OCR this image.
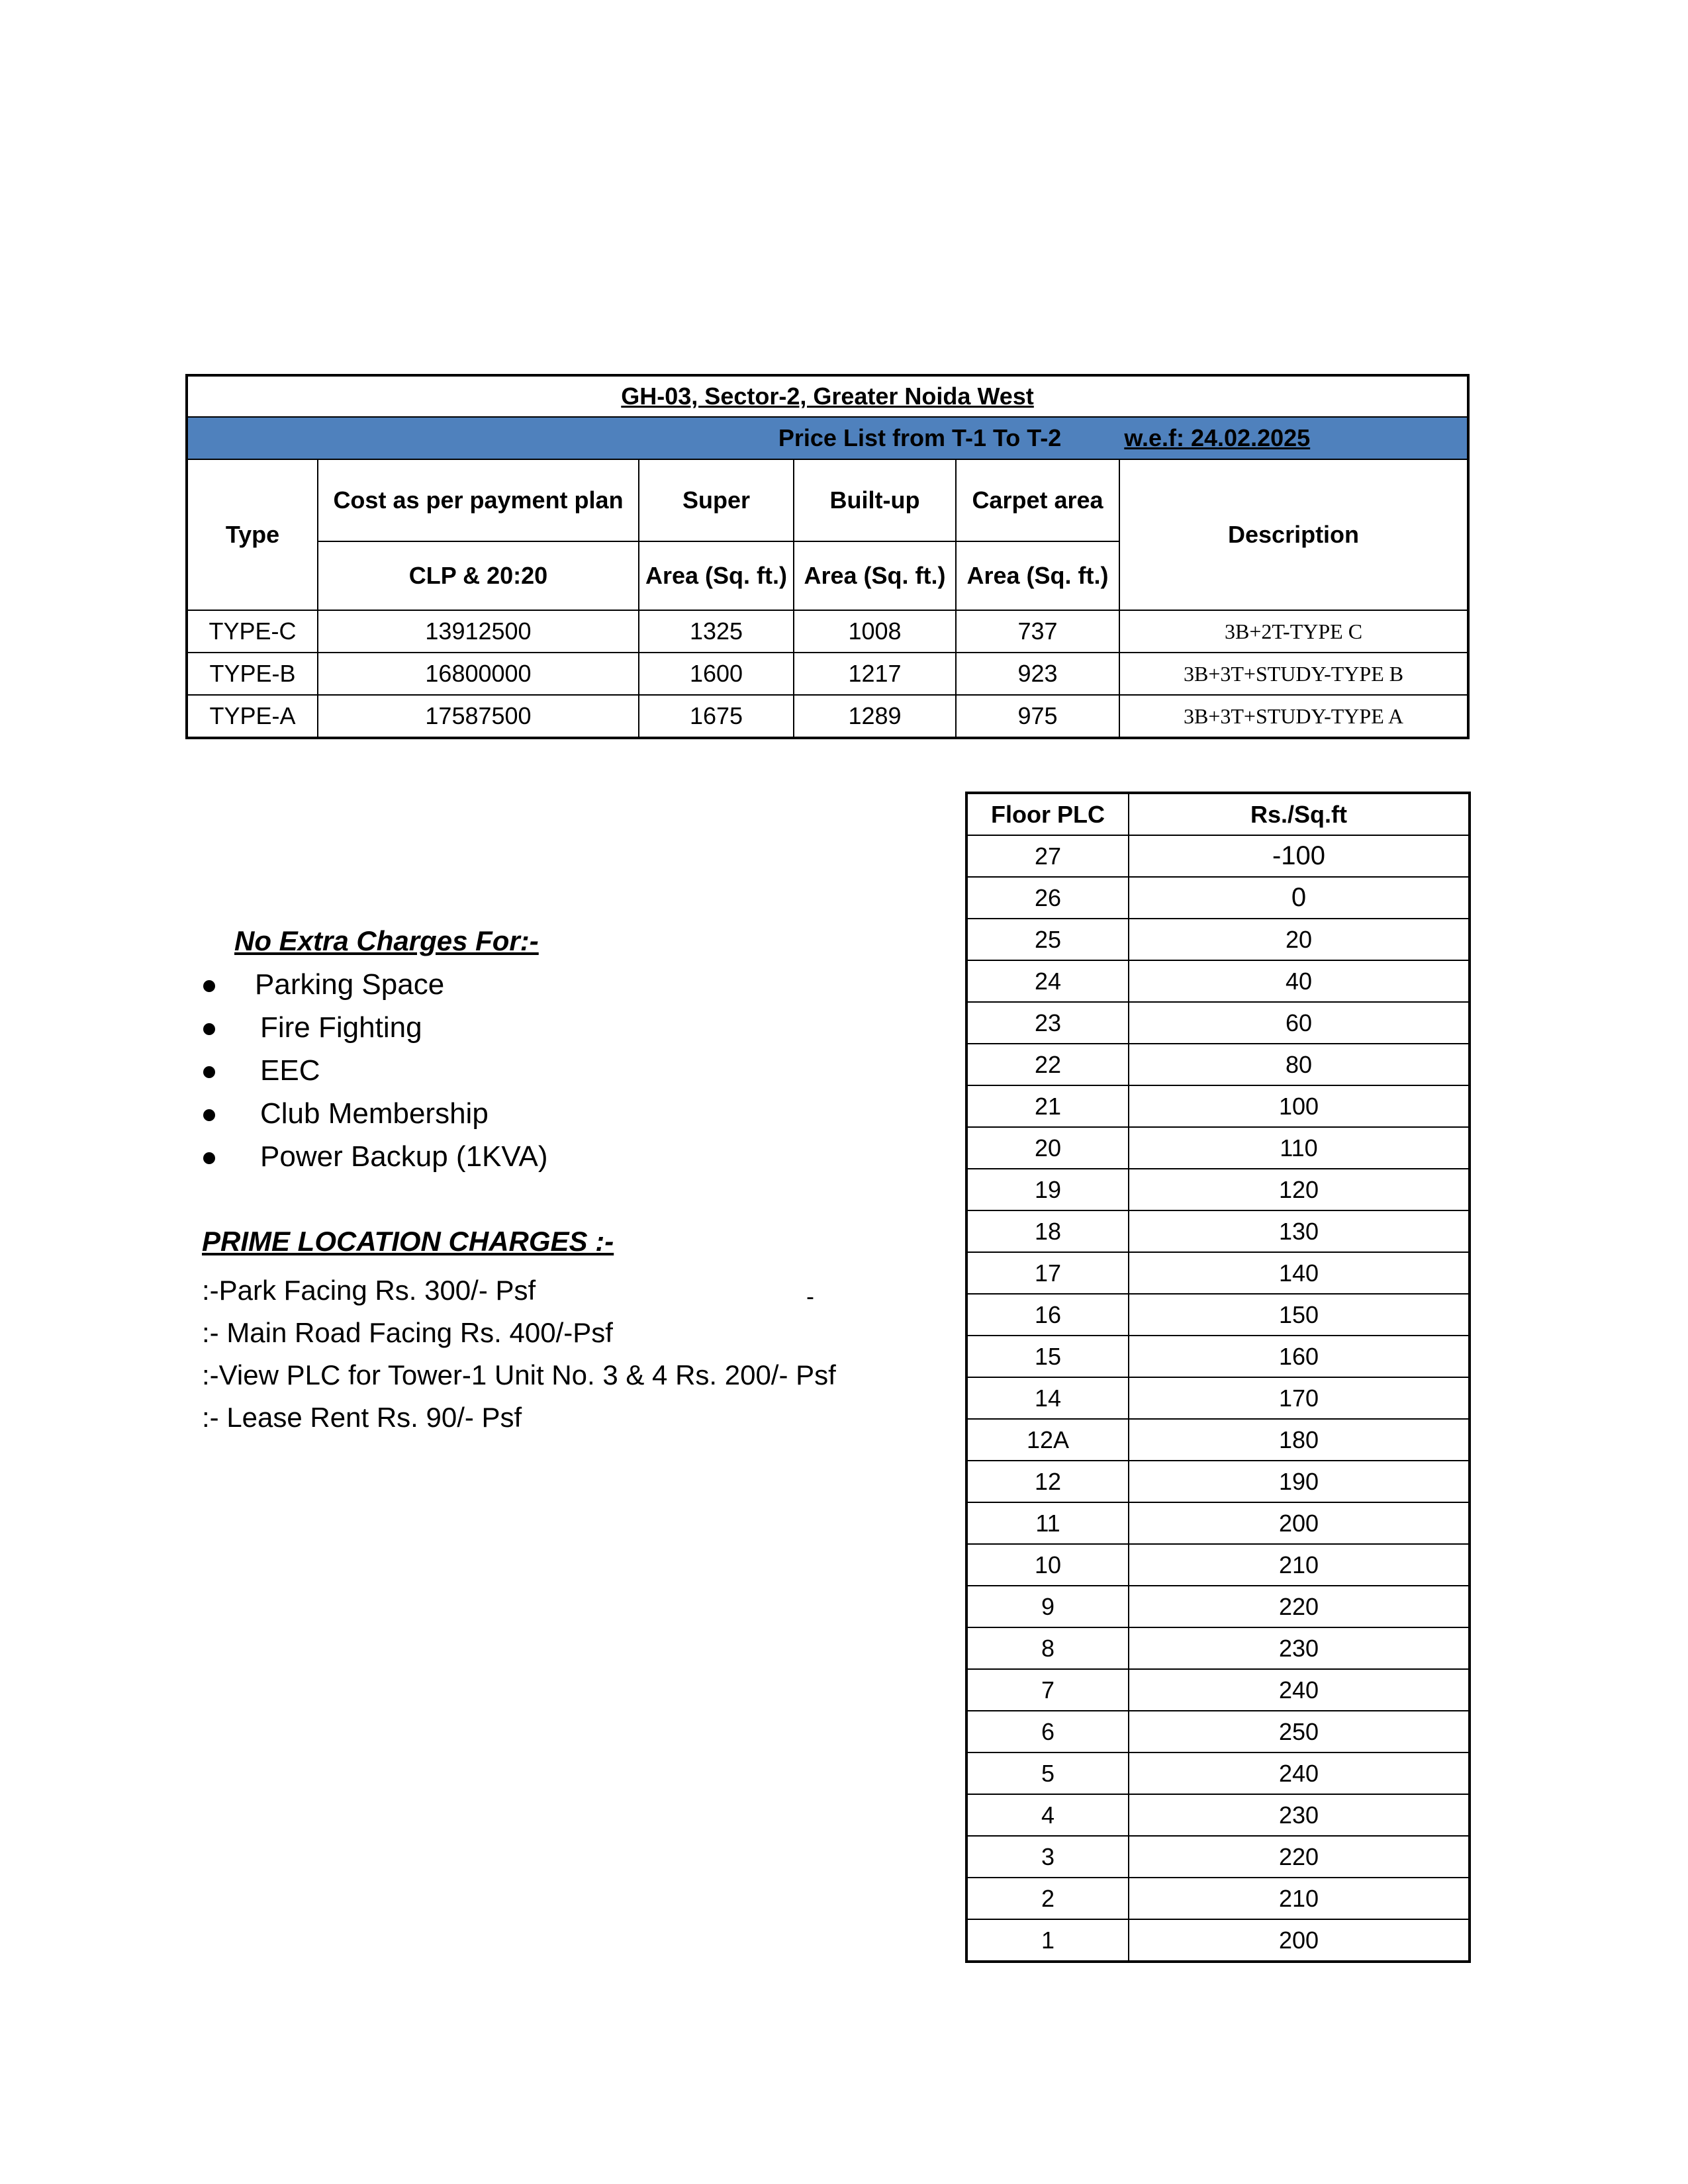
GH-03, Sector-2, Greater Noida West					
Price List from T-1 To T-2 w.e.f: 24.02.2025					
Type	Cost as per payment plan	Super	Built-up	Carpet area	Description
	CLP & 20:20	Area (Sq. ft.)	Area (Sq. ft.)	Area (Sq. ft.)	
TYPE-C	13912500	1325	1008	737	3B+2T-TYPE C
TYPE-B	16800000	1600	1217	923	3B+3T+STUDY-TYPE B
TYPE-A	17587500	1675	1289	975	3B+3T+STUDY-TYPE A
Floor PLC	Rs./Sq.ft
27	-100
26	0
25	20
24	40
23	60
22	80
21	100
20	110
19	120
18	130
17	140
16	150
15	160
14	170
12A	180
12	190
11	200
10	210
9	220
8	230
7	240
6	250
5	240
4	230
3	220
2	210
1	200
No Extra Charges For:-
Parking Space
Fire Fighting
EEC
Club Membership
Power Backup (1KVA)
PRIME LOCATION CHARGES :-
:-Park Facing Rs. 300/- Psf
:- Main Road Facing Rs. 400/-Psf
:-View PLC for Tower-1 Unit No. 3 & 4 Rs. 200/- Psf
:- Lease Rent Rs. 90/- Psf
-
